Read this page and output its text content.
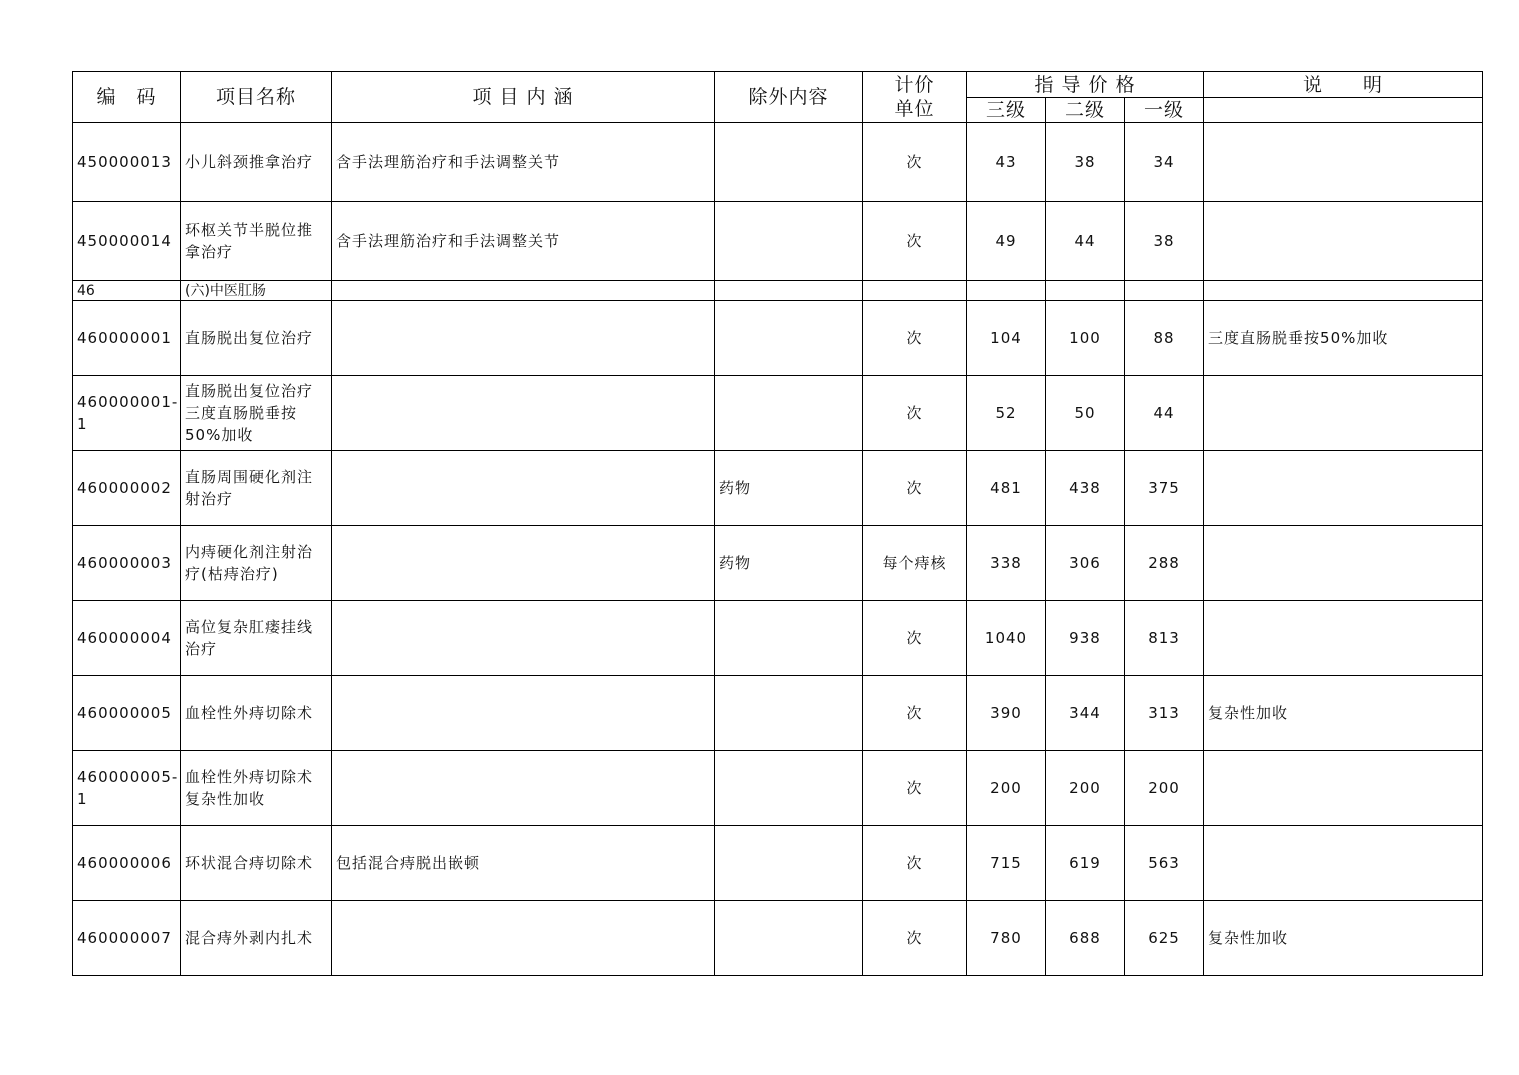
编　码	项目名称	项 目 内 涵	除外内容	计价单位	指 导 价 格			说　　明
					三级	二级	一级	
450000013	小儿斜颈推拿治疗	含手法理筋治疗和手法调整关节		次	43	38	34	
450000014	环枢关节半脱位推拿治疗	含手法理筋治疗和手法调整关节		次	49	44	38	
46	(六)中医肛肠							
460000001	直肠脱出复位治疗			次	104	100	88	三度直肠脱垂按50%加收
460000001-1	直肠脱出复位治疗三度直肠脱垂按50%加收			次	52	50	44	
460000002	直肠周围硬化剂注射治疗		药物	次	481	438	375	
460000003	内痔硬化剂注射治疗(枯痔治疗)		药物	每个痔核	338	306	288	
460000004	高位复杂肛瘘挂线治疗			次	1040	938	813	
460000005	血栓性外痔切除术			次	390	344	313	复杂性加收
460000005-1	血栓性外痔切除术复杂性加收			次	200	200	200	
460000006	环状混合痔切除术	包括混合痔脱出嵌顿		次	715	619	563	
460000007	混合痔外剥内扎术			次	780	688	625	复杂性加收
